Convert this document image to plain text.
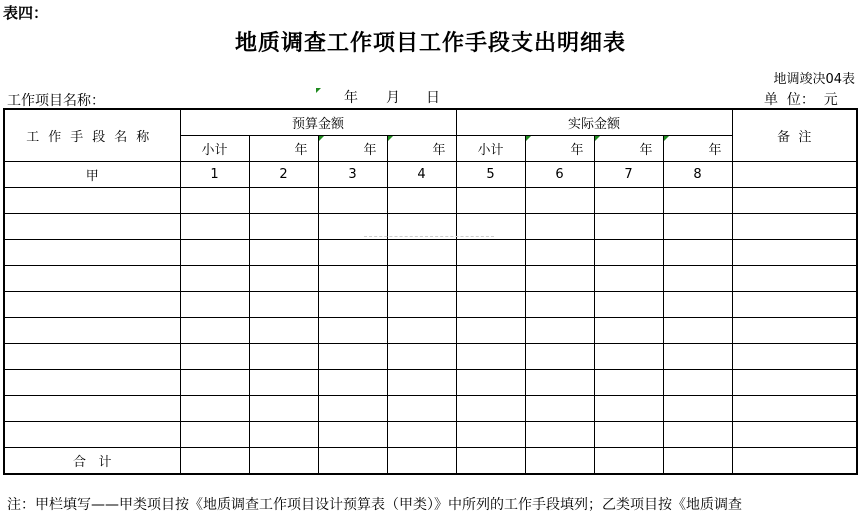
表四：
地质调查工作项目工作手段支出明细表
地调竣决04表
工作项目名称：	年 月 日	单  位：  元
工作手段名称	预算金额				实际金额				备  注
	小计	年	年	年	小计	年	年	年	
甲	1	2	3	4	5	6	7	8	

合   计									
注：甲栏填写——甲类项目按《地质调查工作项目设计预算表（甲类）》中所列的工作手段填列；乙类项目按《地质调查
